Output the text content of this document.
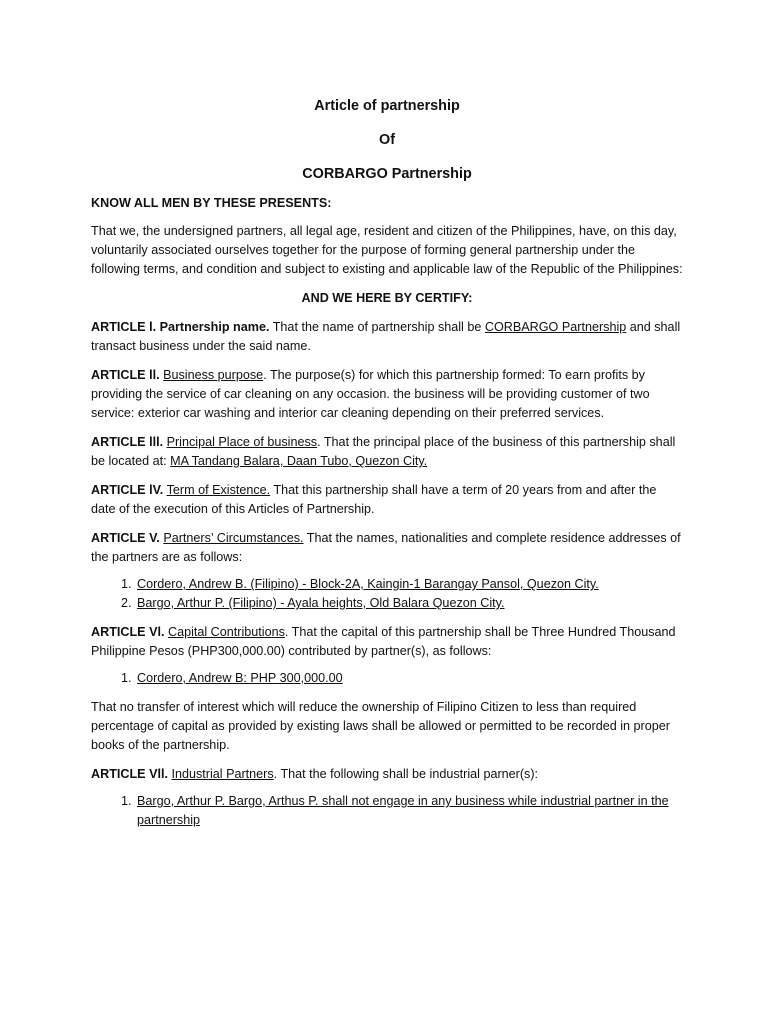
Article of partnership
Of
CORBARGO Partnership

KNOW ALL MEN BY THESE PRESENTS:

That we, the undersigned partners, all legal age, resident and citizen of the Philippines, have, on this day, voluntarily associated ourselves together for the purpose of forming general partnership under the following terms, and condition and subject to existing and applicable law of the Republic of the Philippines:

AND WE HERE BY CERTIFY:

ARTICLE l. Partnership name. That the name of partnership shall be CORBARGO Partnership and shall transact business under the said name.

ARTICLE ll. Business purpose. The purpose(s) for which this partnership formed: To earn profits by providing the service of car cleaning on any occasion. the business will be providing customer of two service: exterior car washing and interior car cleaning depending on their preferred services.

ARTICLE lll. Principal Place of business. That the principal place of the business of this partnership shall be located at: MA Tandang Balara, Daan Tubo, Quezon City.

ARTICLE lV. Term of Existence. That this partnership shall have a term of 20 years from and after the date of the execution of this Articles of Partnership.

ARTICLE V. Partners’ Circumstances. That the names, nationalities and complete residence addresses of the partners are as follows:

1. Cordero, Andrew B. (Filipino) - Block-2A, Kaingin-1 Barangay Pansol, Quezon City.
2. Bargo, Arthur P. (Filipino) - Ayala heights, Old Balara Quezon City.

ARTICLE Vl. Capital Contributions. That the capital of this partnership shall be Three Hundred Thousand Philippine Pesos (PHP300,000.00) contributed by partner(s), as follows:

1. Cordero, Andrew B: PHP 300,000.00

That no transfer of interest which will reduce the ownership of Filipino Citizen to less than required percentage of capital as provided by existing laws shall be allowed or permitted to be recorded in proper books of the partnership.

ARTICLE Vll. Industrial Partners. That the following shall be industrial parner(s):

1. Bargo, Arthur P. Bargo, Arthus P. shall not engage in any business while industrial partner in the partnership
